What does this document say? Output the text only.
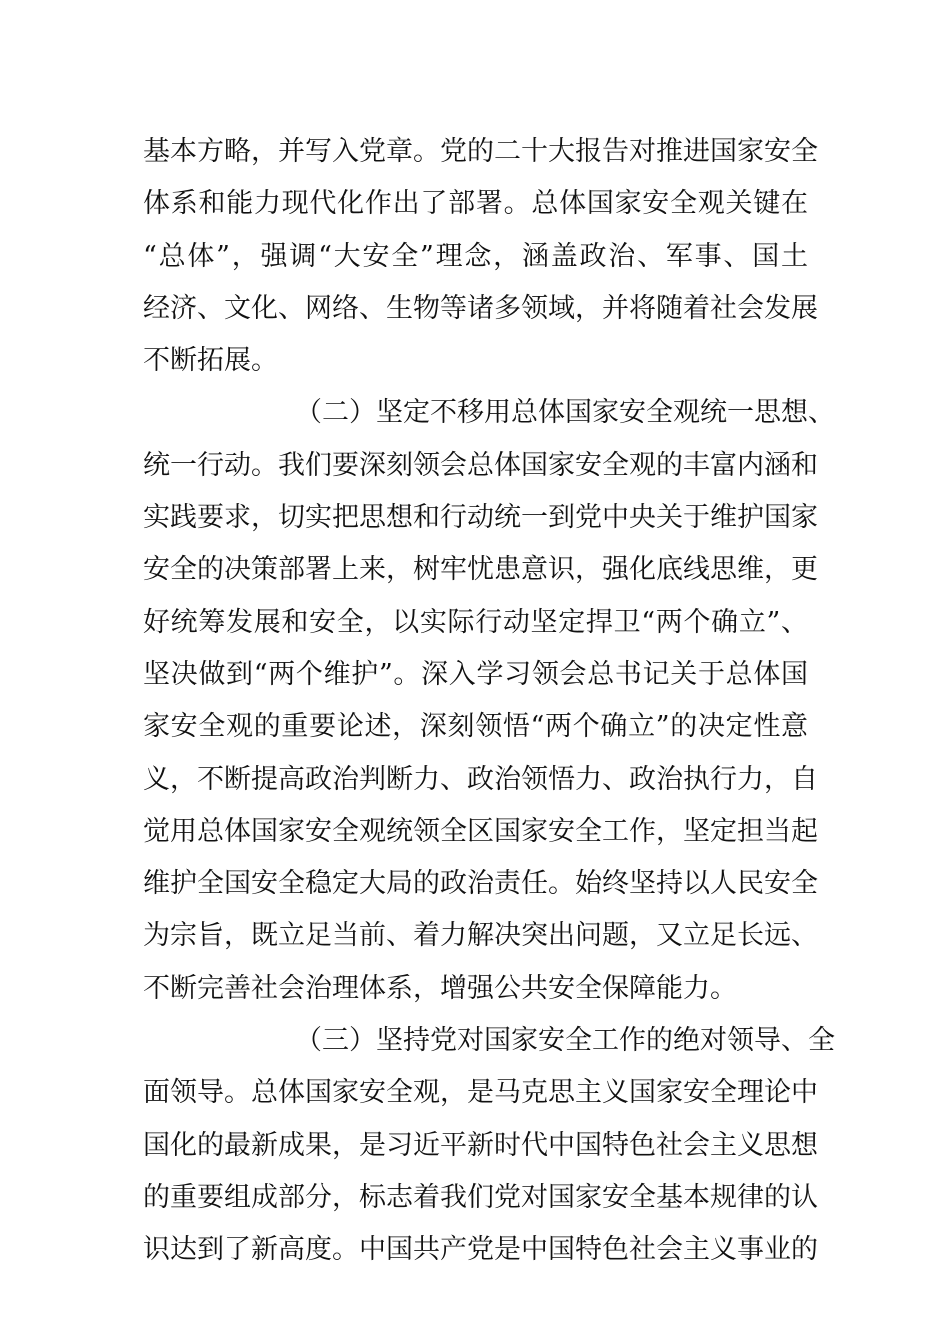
基本方略，并写入党章。党的二十大报告对推进国家安全
体系和能力现代化作出了部署。总体国家安全观关键在
“总体”，强调“大安全”理念，涵盖政治、军事、国土
经济、文化、网络、生物等诸多领域，并将随着社会发展
不断拓展。
（二）坚定不移用总体国家安全观统一思想、
统一行动。我们要深刻领会总体国家安全观的丰富内涵和
实践要求，切实把思想和行动统一到党中央关于维护国家
安全的决策部署上来，树牢忧患意识，强化底线思维，更
好统筹发展和安全，以实际行动坚定捍卫“两个确立”、
坚决做到“两个维护”。深入学习领会总书记关于总体国
家安全观的重要论述，深刻领悟“两个确立”的决定性意
义，不断提高政治判断力、政治领悟力、政治执行力，自
觉用总体国家安全观统领全区国家安全工作，坚定担当起
维护全国安全稳定大局的政治责任。始终坚持以人民安全
为宗旨，既立足当前、着力解决突出问题，又立足长远、
不断完善社会治理体系，增强公共安全保障能力。
（三）坚持党对国家安全工作的绝对领导、全
面领导。总体国家安全观，是马克思主义国家安全理论中
国化的最新成果，是习近平新时代中国特色社会主义思想
的重要组成部分，标志着我们党对国家安全基本规律的认
识达到了新高度。中国共产党是中国特色社会主义事业的
